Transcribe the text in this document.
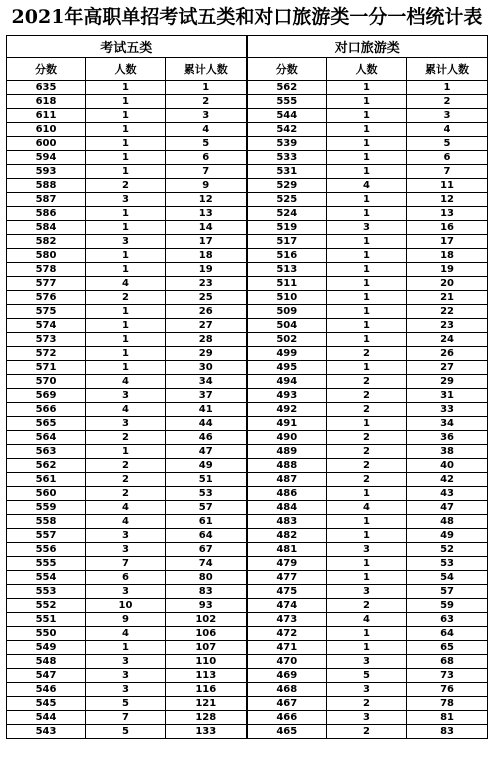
2021年高职单招考试五类和对口旅游类一分一档统计表
考试五类			对口旅游类		
分数	人数	累计人数	分数	人数	累计人数
635	1	1	562	1	1
618	1	2	555	1	2
611	1	3	544	1	3
610	1	4	542	1	4
600	1	5	539	1	5
594	1	6	533	1	6
593	1	7	531	1	7
588	2	9	529	4	11
587	3	12	525	1	12
586	1	13	524	1	13
584	1	14	519	3	16
582	3	17	517	1	17
580	1	18	516	1	18
578	1	19	513	1	19
577	4	23	511	1	20
576	2	25	510	1	21
575	1	26	509	1	22
574	1	27	504	1	23
573	1	28	502	1	24
572	1	29	499	2	26
571	1	30	495	1	27
570	4	34	494	2	29
569	3	37	493	2	31
566	4	41	492	2	33
565	3	44	491	1	34
564	2	46	490	2	36
563	1	47	489	2	38
562	2	49	488	2	40
561	2	51	487	2	42
560	2	53	486	1	43
559	4	57	484	4	47
558	4	61	483	1	48
557	3	64	482	1	49
556	3	67	481	3	52
555	7	74	479	1	53
554	6	80	477	1	54
553	3	83	475	3	57
552	10	93	474	2	59
551	9	102	473	4	63
550	4	106	472	1	64
549	1	107	471	1	65
548	3	110	470	3	68
547	3	113	469	5	73
546	3	116	468	3	76
545	5	121	467	2	78
544	7	128	466	3	81
543	5	133	465	2	83
